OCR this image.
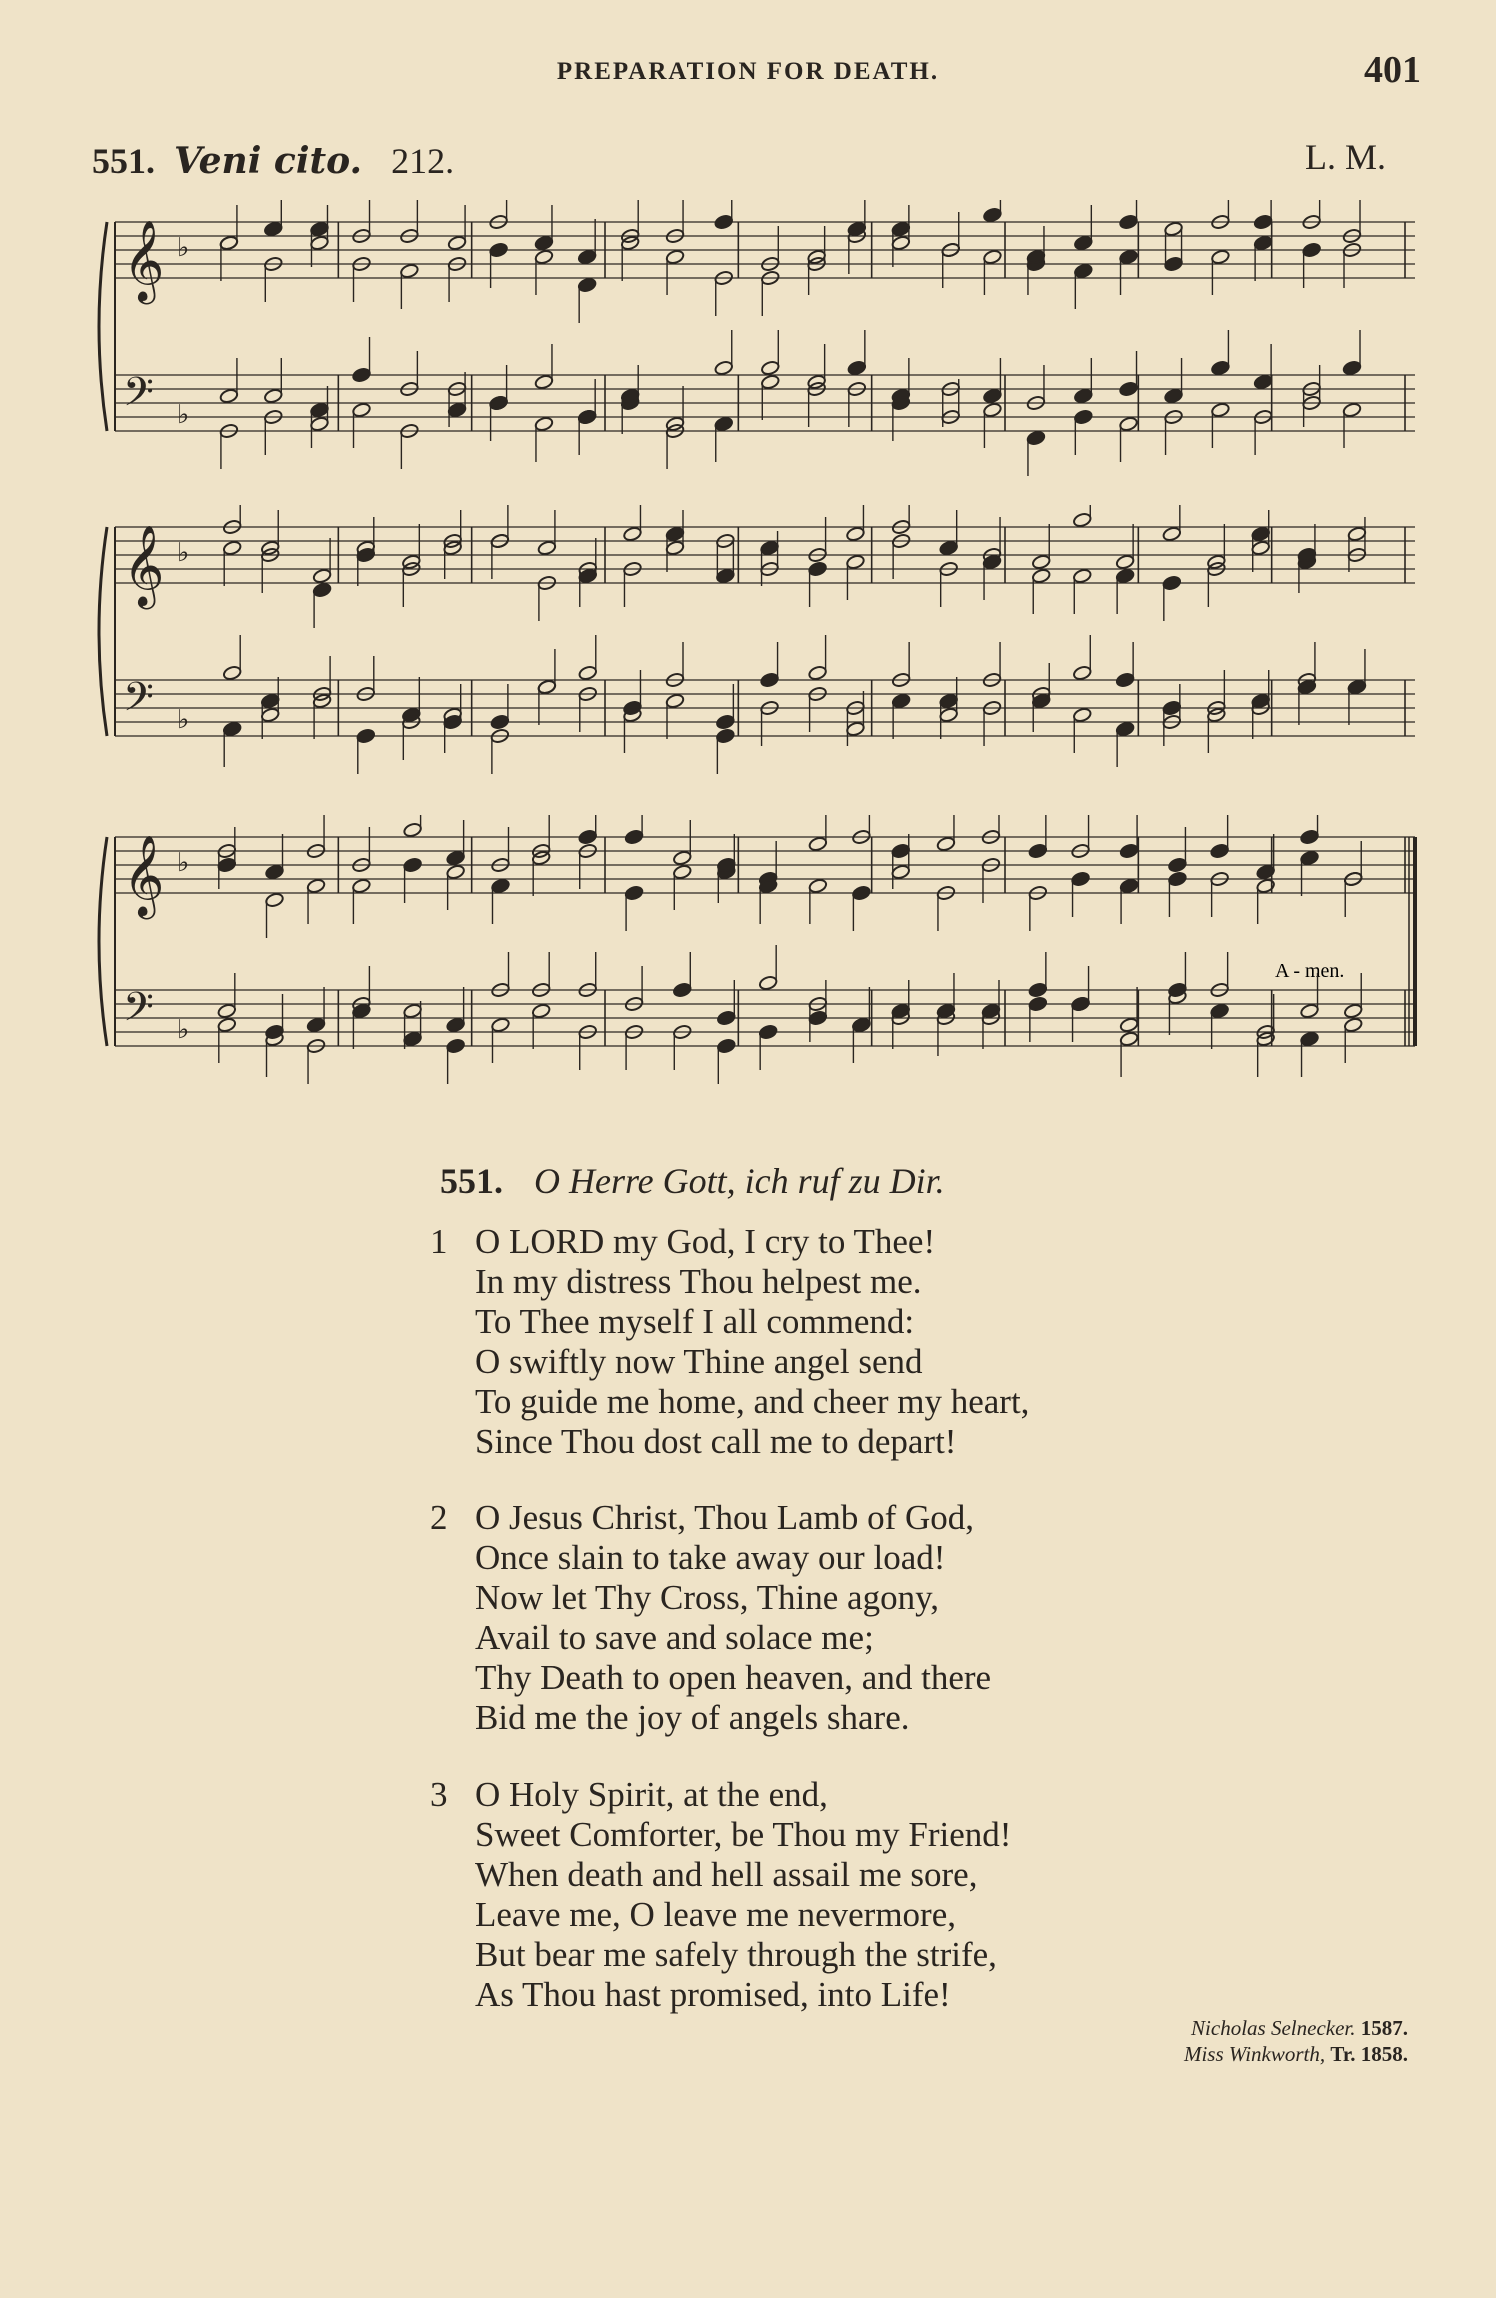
PREPARATION FOR DEATH.	401
551. Veni cito. 212.	L. M.
𝄞 ♭
𝄢 ♭
𝄞 ♭
𝄢 ♭
A - men.
𝄞 ♭
𝄢 ♭
551. O Herre Gott, ich ruf zu Dir.
1 O LORD my God, I cry to Thee!
In my distress Thou helpest me.
To Thee myself I all commend:
O swiftly now Thine angel send
To guide me home, and cheer my heart,
Since Thou dost call me to depart!
2 O Jesus Christ, Thou Lamb of God,
Once slain to take away our load!
Now let Thy Cross, Thine agony,
Avail to save and solace me;
Thy Death to open heaven, and there
Bid me the joy of angels share.
3 O Holy Spirit, at the end,
Sweet Comforter, be Thou my Friend!
When death and hell assail me sore,
Leave me, O leave me nevermore,
But bear me safely through the strife,
As Thou hast promised, into Life!
Nicholas Selnecker. 1587.
Miss Winkworth, Tr. 1858.
